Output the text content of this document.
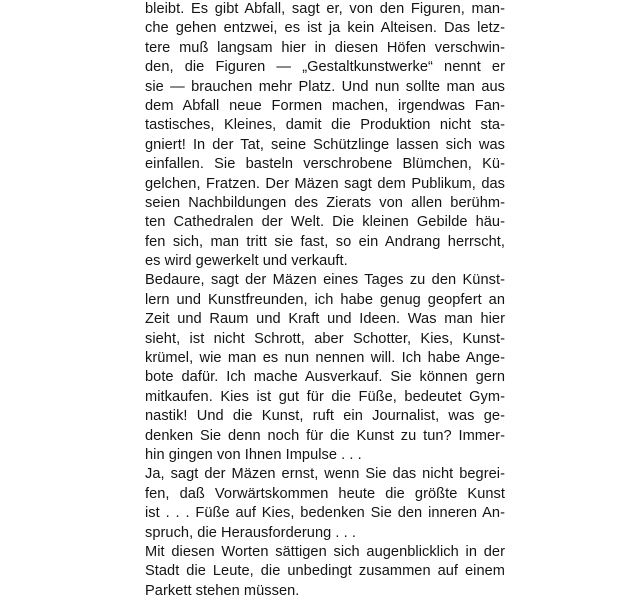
bleibt. Es gibt Abfall, sagt er, von den Figuren, man-
che gehen entzwei, es ist ja kein Alteisen. Das letz-
tere muß langsam hier in diesen Höfen verschwin-
den, die Figuren — „Gestaltkunstwerke“ nennt er
sie — brauchen mehr Platz. Und nun sollte man aus
dem Abfall neue Formen machen, irgendwas Fan-
tastisches, Kleines, damit die Produktion nicht sta-
gniert! In der Tat, seine Schützlinge lassen sich was
einfallen. Sie basteln verschrobene Blümchen, Kü-
gelchen, Fratzen. Der Mäzen sagt dem Publikum, das
seien Nachbildungen des Zierats von allen berühm-
ten Cathedralen der Welt. Die kleinen Gebilde häu-
fen sich, man tritt sie fast, so ein Andrang herrscht,
es wird gewerkelt und verkauft.
Bedaure, sagt der Mäzen eines Tages zu den Künst-
lern und Kunstfreunden, ich habe genug geopfert an
Zeit und Raum und Kraft und Ideen. Was man hier
sieht, ist nicht Schrott, aber Schotter, Kies, Kunst-
krümel, wie man es nun nennen will. Ich habe Ange-
bote dafür. Ich mache Ausverkauf. Sie können gern
mitkaufen. Kies ist gut für die Füße, bedeutet Gym-
nastik! Und die Kunst, ruft ein Journalist, was ge-
denken Sie denn noch für die Kunst zu tun? Immer-
hin gingen von Ihnen Impulse . . .
Ja, sagt der Mäzen ernst, wenn Sie das nicht begrei-
fen, daß Vorwärtskommen heute die größte Kunst
ist . . . Füße auf Kies, bedenken Sie den inneren An-
spruch, die Herausforderung . . .
Mit diesen Worten sättigen sich augenblicklich in der
Stadt die Leute, die unbedingt zusammen auf einem
Parkett stehen müssen.
